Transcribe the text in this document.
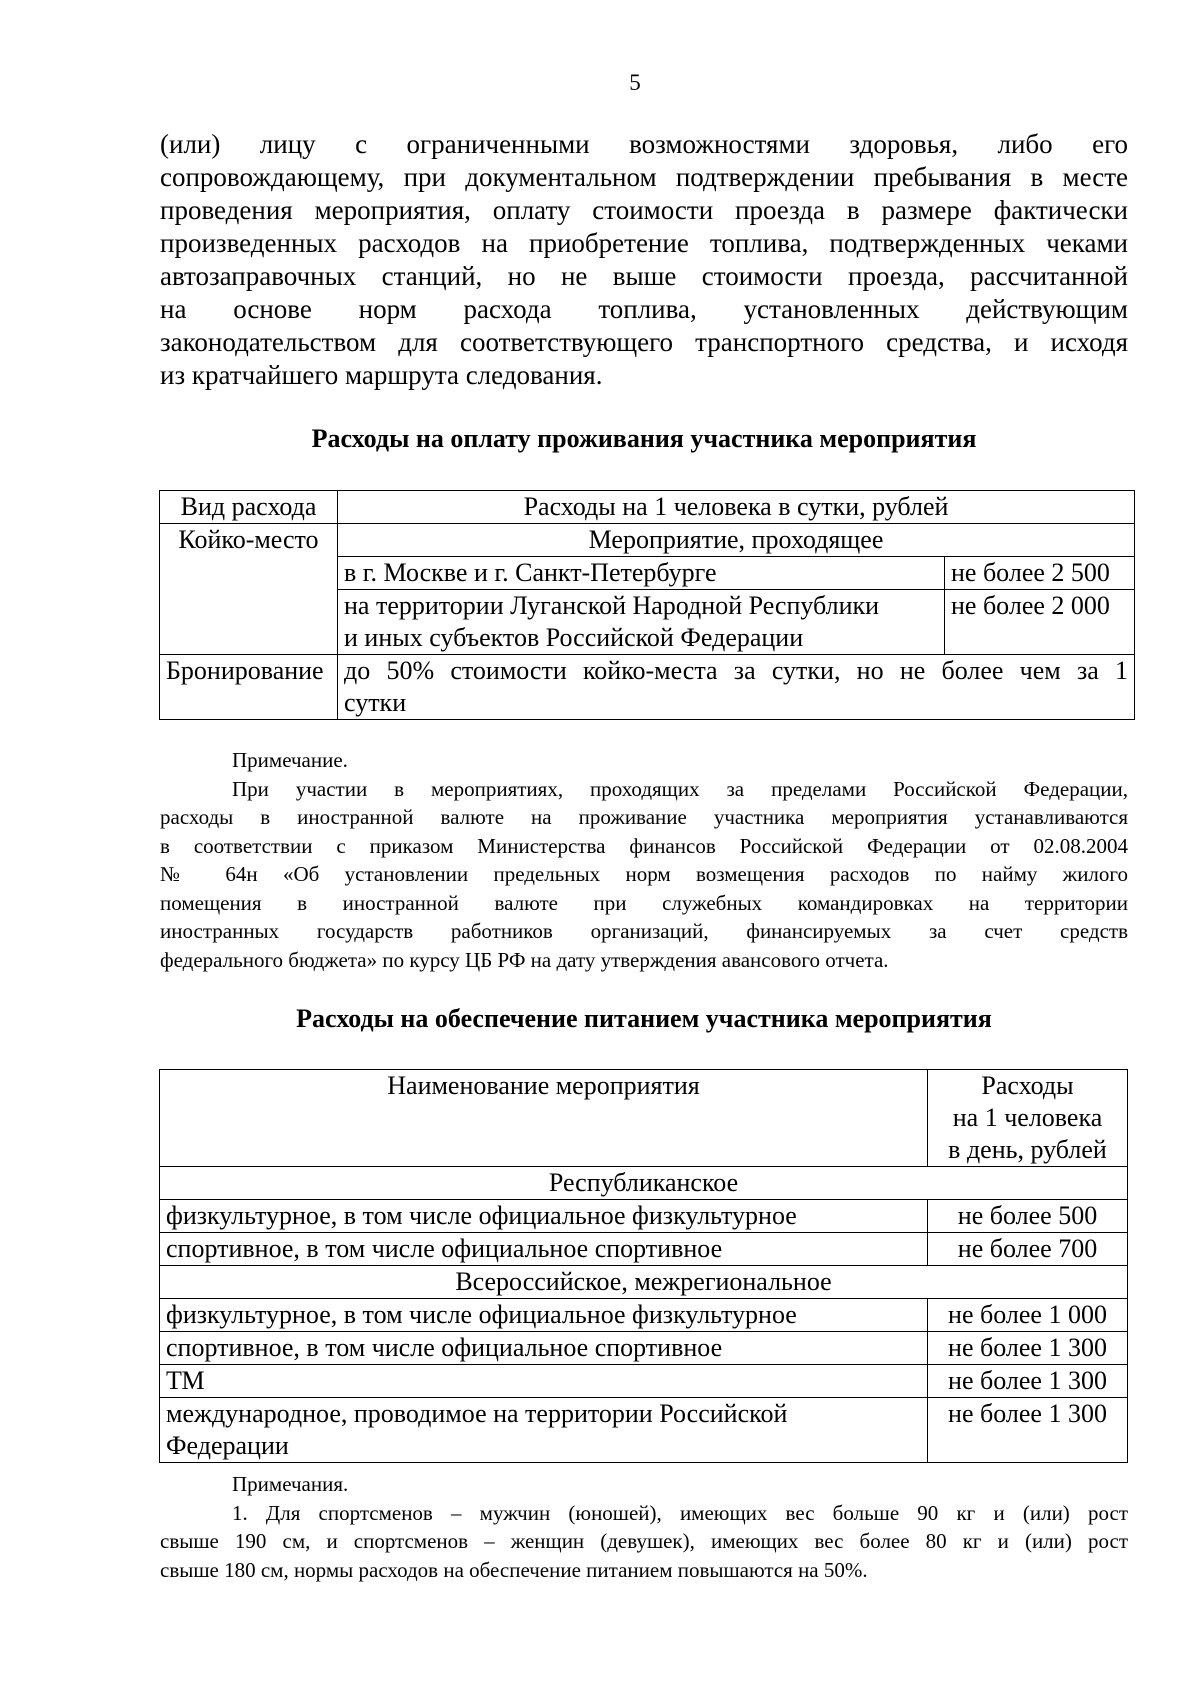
5
(или) лицу с ограниченными возможностями здоровья, либо его
сопровождающему, при документальном подтверждении пребывания в месте
проведения мероприятия, оплату стоимости проезда в размере фактически
произведенных расходов на приобретение топлива, подтвержденных чеками
автозаправочных станций, но не выше стоимости проезда, рассчитанной
на основе норм расхода топлива, установленных действующим
законодательством для соответствующего транспортного средства, и исходя
из кратчайшего маршрута следования.
Расходы на оплату проживания участника мероприятия
Вид расхода	Расходы на 1 человека в сутки, рублей	
Койко-место	Мероприятие, проходящее	
	в г. Москве и г. Санкт-Петербурге	не более 2 500

	на территории Луганской Народной Республики
и иных субъектов Российской Федерации	не более 2 000
Бронирование	до 50% стоимости койко-места за сутки, но не более чем за 1
сутки	
Примечание.
При участии в мероприятиях, проходящих за пределами Российской Федерации,
расходы в иностранной валюте на проживание участника мероприятия устанавливаются
в соответствии с приказом Министерства финансов Российской Федерации от 02.08.2004
№ 64н «Об установлении предельных норм возмещения расходов по найму жилого
помещения в иностранной валюте при служебных командировках на территории
иностранных государств работников организаций, финансируемых за счет средств
федерального бюджета» по курсу ЦБ РФ на дату утверждения авансового отчета.
Расходы на обеспечение питанием участника мероприятия
Наименование мероприятия	Расходы
на 1 человека
в день, рублей

Республиканское	
физкультурное, в том числе официальное физкультурное	не более 500
спортивное, в том числе официальное спортивное	не более 700
Всероссийское, межрегиональное	
физкультурное, в том числе официальное физкультурное	не более 1 000
спортивное, в том числе официальное спортивное	не более 1 300
ТМ	не более 1 300

международное, проводимое на территории Российской
Федерации	не более 1 300
Примечания.
1. Для спортсменов – мужчин (юношей), имеющих вес больше 90 кг и (или) рост
свыше 190 см, и спортсменов – женщин (девушек), имеющих вес более 80 кг и (или) рост
свыше 180 см, нормы расходов на обеспечение питанием повышаются на 50%.
